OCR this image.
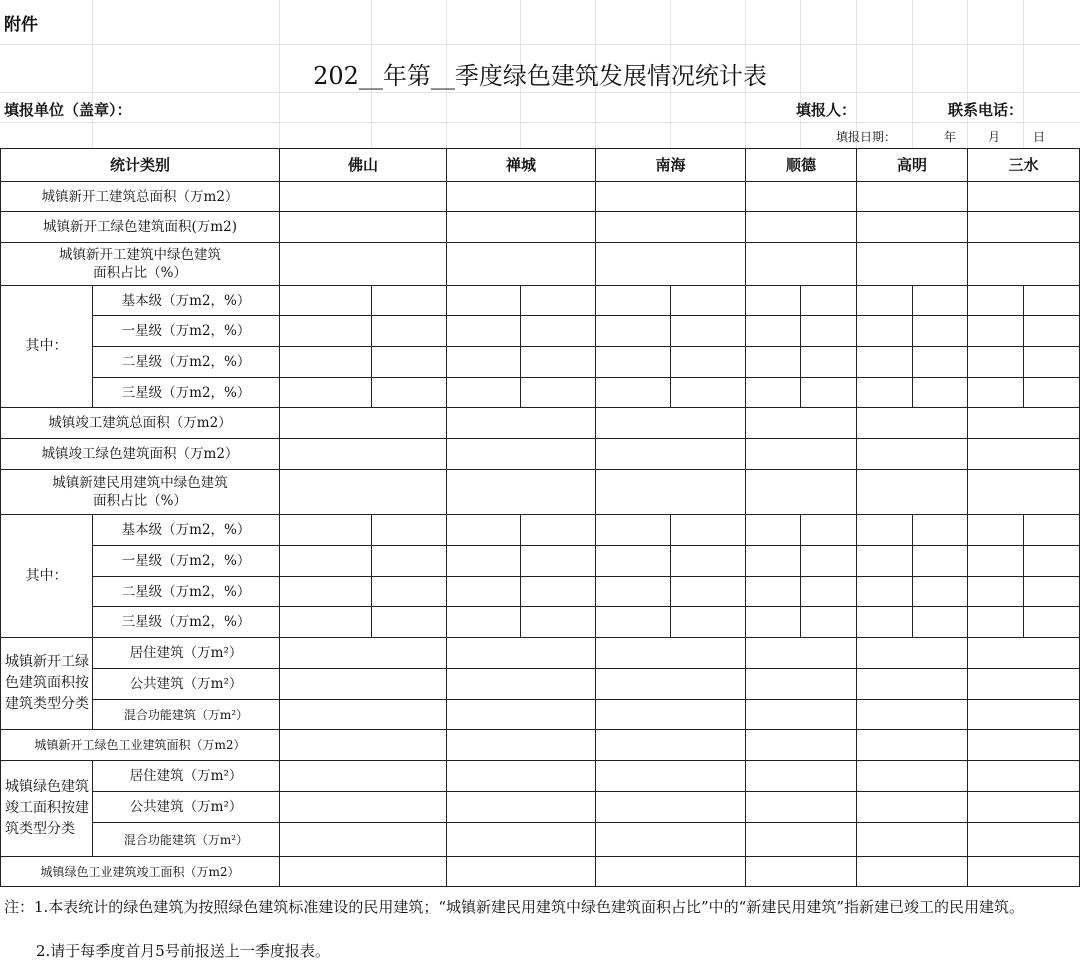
附件
202__年第__季度绿色建筑发展情况统计表
填报单位（盖章）：	填报人：	联系电话：
填报日期：	年	月	日
统计类别		佛山		禅城		南海		顺德		高明		三水	
城镇新开工建筑总面积（万m2）													
城镇新开工绿色建筑面积(万m2)													
城镇新开工建筑中绿色建筑
面积占比（%）													
其中：	基本级（万m2，%）												
	一星级（万m2，%）												
	二星级（万m2，%）												
	三星级（万m2，%）												
城镇竣工建筑总面积（万m2）													
城镇竣工绿色建筑面积（万m2）													
城镇新建民用建筑中绿色建筑
面积占比（%）													
其中：	基本级（万m2，%）												
	一星级（万m2，%）												
	二星级（万m2，%）												
	三星级（万m2，%）												
城镇新开工绿色建筑面积按建筑类型分类	居住建筑（万m²）												
	公共建筑（万m²）												
	混合功能建筑（万m²）												
城镇新开工绿色工业建筑面积（万m2）													
城镇绿色建筑竣工面积按建筑类型分类	居住建筑（万m²）												
	公共建筑（万m²）												
	混合功能建筑（万m²）												
城镇绿色工业建筑竣工面积（万m2）													
注：1.本表统计的绿色建筑为按照绿色建筑标准建设的民用建筑；“城镇新建民用建筑中绿色建筑面积占比”中的“新建民用建筑”指新建已竣工的民用建筑。
2.请于每季度首月5号前报送上一季度报表。
